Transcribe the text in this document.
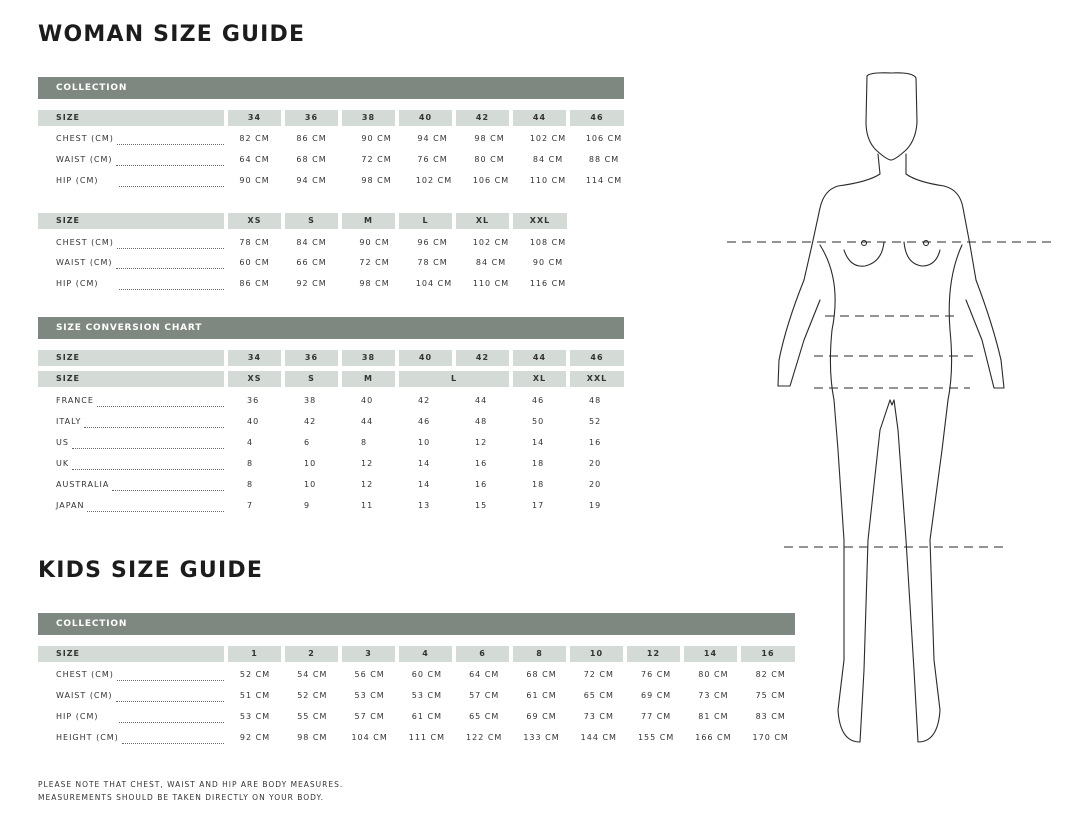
WOMAN SIZE GUIDE
COLLECTION
SIZE	34	36	38	40	42	44	46
CHEST (CM)	82 CM	86 CM	90 CM	94 CM	98 CM	102 CM	106 CM
WAIST (CM)	64 CM	68 CM	72 CM	76 CM	80 CM	84 CM	88 CM
HIP (CM)	90 CM	94 CM	98 CM	102 CM	106 CM	110 CM	114 CM
SIZE	XS	S	M	L	XL	XXL
CHEST (CM)	78 CM	84 CM	90 CM	96 CM	102 CM	108 CM
WAIST (CM)	60 CM	66 CM	72 CM	78 CM	84 CM	90 CM
HIP (CM)	86 CM	92 CM	98 CM	104 CM	110 CM	116 CM
SIZE CONVERSION CHART
SIZE	34	36	38	40	42	44	46
SIZE	XS	S	M	L	XL	XXL
FRANCE	36	38	40	42	44	46	48
ITALY	40	42	44	46	48	50	52
US	4	6	8	10	12	14	16
UK	8	10	12	14	16	18	20
AUSTRALIA	8	10	12	14	16	18	20
JAPAN	7	9	11	13	15	17	19
KIDS SIZE GUIDE
COLLECTION
SIZE	1	2	3	4	6	8	10	12	14	16
CHEST (CM)	52 CM	54 CM	56 CM	60 CM	64 CM	68 CM	72 CM	76 CM	80 CM	82 CM
WAIST (CM)	51 CM	52 CM	53 CM	53 CM	57 CM	61 CM	65 CM	69 CM	73 CM	75 CM
HIP (CM)	53 CM	55 CM	57 CM	61 CM	65 CM	69 CM	73 CM	77 CM	81 CM	83 CM
HEIGHT (CM)	92 CM	98 CM	104 CM	111 CM	122 CM	133 CM	144 CM	155 CM	166 CM	170 CM

PLEASE NOTE THAT CHEST, WAIST AND HIP ARE BODY MEASURES.

MEASUREMENTS SHOULD BE TAKEN DIRECTLY ON YOUR BODY.
